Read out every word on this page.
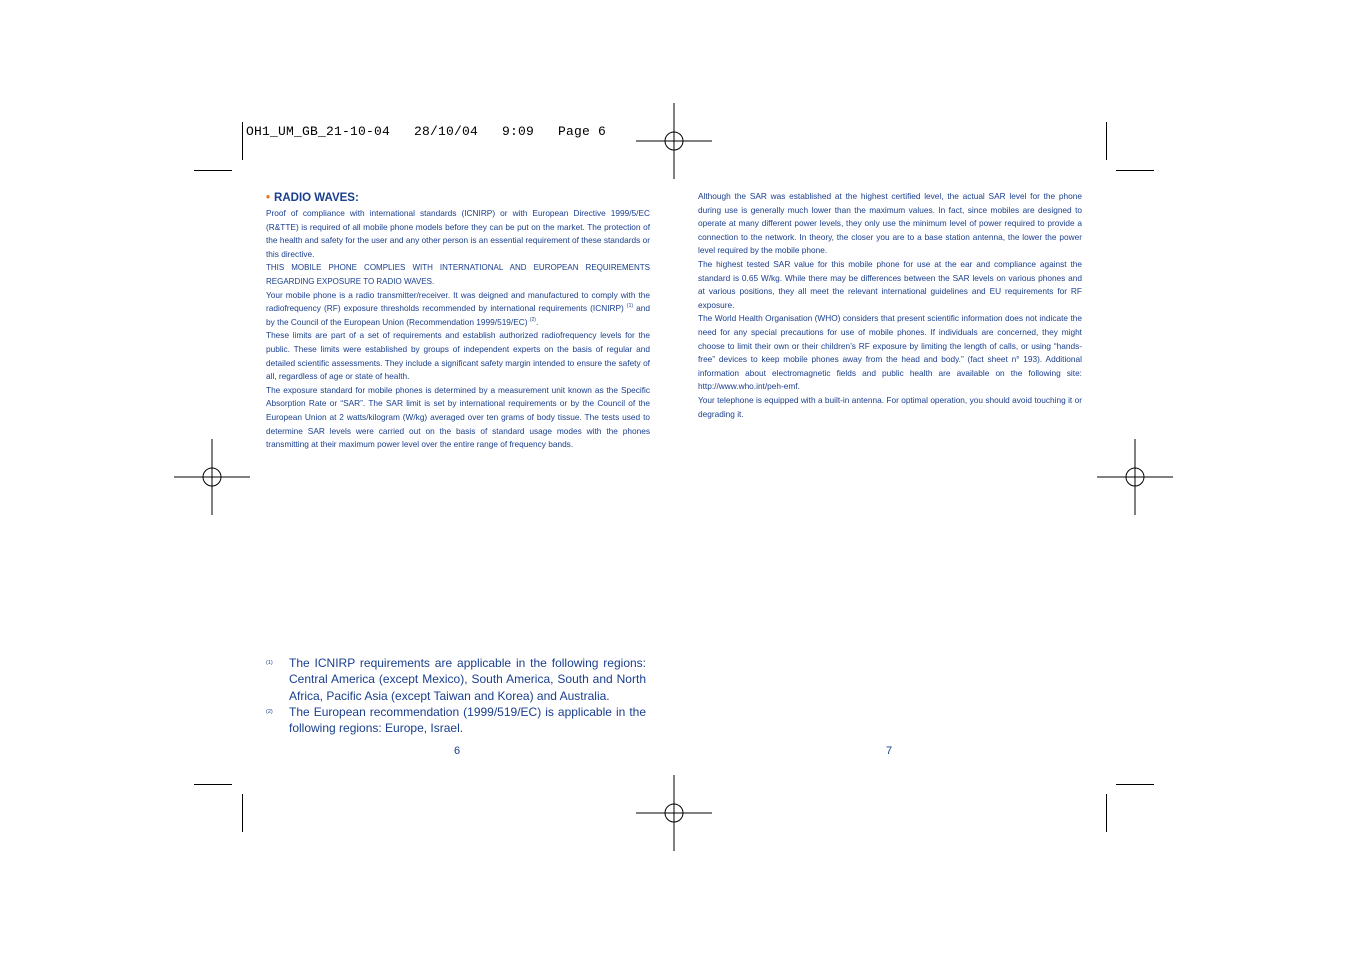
OH1_UM_GB_21-10-04   28/10/04   9:09   Page 6

• RADIO WAVES:

Proof of compliance with international standards (ICNIRP) or with European Directive 1999/5/EC (R&TTE) is required of all mobile phone models before they can be put on the market. The protection of the health and safety for the user and any other person is an essential requirement of these standards or this directive.

THIS MOBILE PHONE COMPLIES WITH INTERNATIONAL AND EUROPEAN REQUIREMENTS REGARDING EXPOSURE TO RADIO WAVES.

Your mobile phone is a radio transmitter/receiver. It was deigned and manufactured to comply with the radiofrequency (RF) exposure thresholds recommended by international requirements (ICNIRP) $^{(1)}$ and by the Council of the European Union (Recommendation 1999/519/EC) $^{(2)}$.

These limits are part of a set of requirements and establish authorized radiofrequency levels for the public. These limits were established by groups of independent experts on the basis of regular and detailed scientific assessments. They include a significant safety margin intended to ensure the safety of all, regardless of age or state of health.

The exposure standard for mobile phones is determined by a measurement unit known as the Specific Absorption Rate or “SAR”. The SAR limit is set by international requirements or by the Council of the European Union at 2 watts/kilogram (W/kg) averaged over ten grams of body tissue. The tests used to determine SAR levels were carried out on the basis of standard usage modes with the phones transmitting at their maximum power level over the entire range of frequency bands.

(1)	The ICNIRP requirements are applicable in the following regions: Central America (except Mexico), South America, South and North Africa, Pacific Asia (except Taiwan and Korea) and Australia.
(2)	The European recommendation (1999/519/EC) is applicable in the following regions: Europe, Israel.
6

Although the SAR was established at the highest certified level, the actual SAR level for the phone during use is generally much lower than the maximum values. In fact, since mobiles are designed to operate at many different power levels, they only use the minimum level of power required to provide a connection to the network. In theory, the closer you are to a base station antenna, the lower the power level required by the mobile phone.

The highest tested SAR value for this mobile phone for use at the ear and compliance against the standard is 0.65 W/kg. While there may be differences between the SAR levels on various phones and at various positions, they all meet the relevant international guidelines and EU requirements for RF exposure.

The World Health Organisation (WHO) considers that present scientific information does not indicate the need for any special precautions for use of mobile phones. If individuals are concerned, they might choose to limit their own or their children’s RF exposure by limiting the length of calls, or using “hands-free” devices to keep mobile phones away from the head and body.” (fact sheet n° 193). Additional information about electromagnetic fields and public health are available on the following site: http://www.who.int/peh-emf.

Your telephone is equipped with a built-in antenna. For optimal operation, you should avoid touching it or degrading it.

7
